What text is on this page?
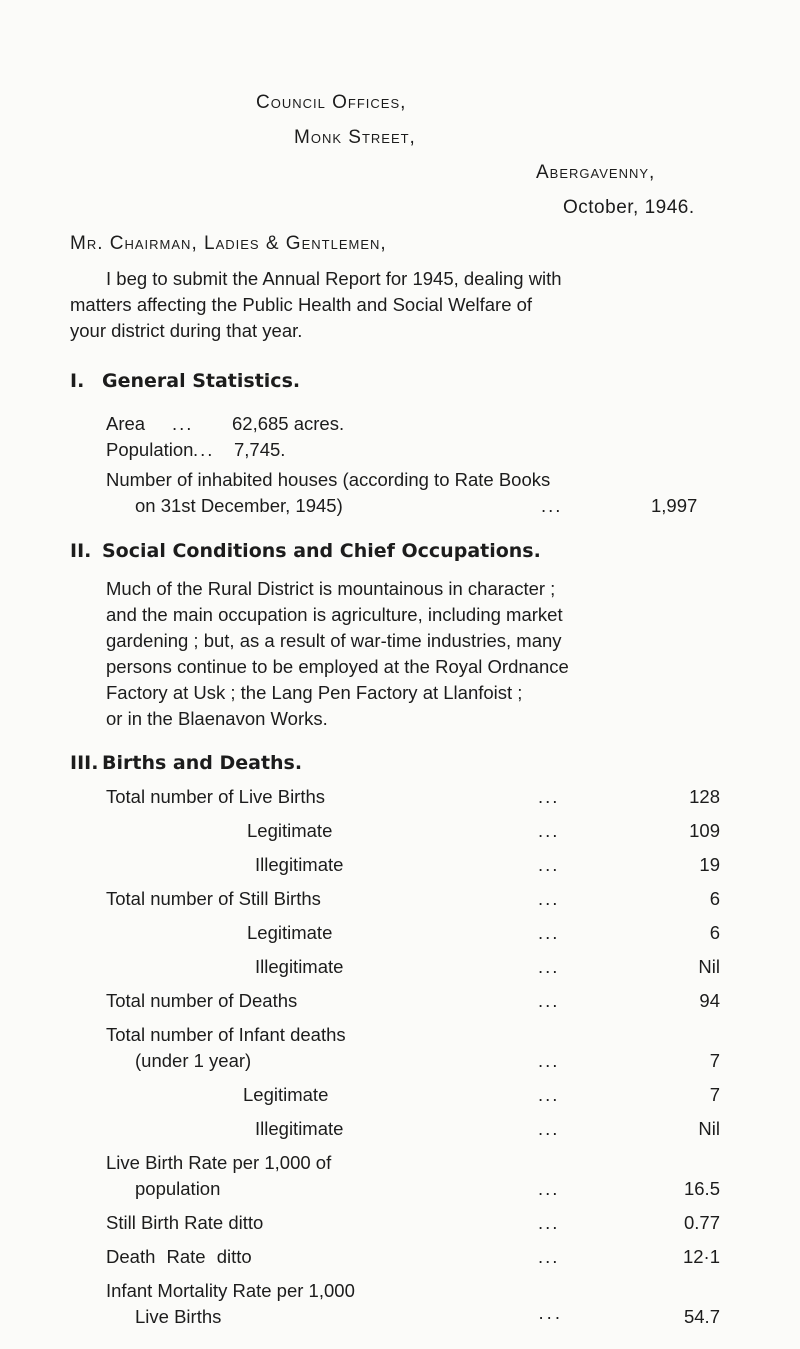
Council Offices,
Monk Street,
Abergavenny,
October, 1946.
Mr. Chairman, Ladies & Gentlemen,
I beg to submit the Annual Report for 1945, dealing with
matters affecting the Public Health and Social Welfare of
your district during that year.
I. General Statistics.
Area ... 62,685 acres.
Population ... 7,745.
Number of inhabited houses (according to Rate Books
on 31st December, 1945)	...	1,997
II. Social Conditions and Chief Occupations.
Much of the Rural District is mountainous in character ;
and the main occupation is agriculture, including market
gardening ; but, as a result of war-time industries, many
persons continue to be employed at the Royal Ordnance
Factory at Usk ; the Lang Pen Factory at Llanfoist ;
or in the Blaenavon Works.
III. Births and Deaths.
Total number of Live Births	...	128
Legitimate	...	109
Illegitimate	...	19
Total number of Still Births	...	6
Legitimate	...	6
Illegitimate	...	Nil
Total number of Deaths	...	94
Total number of Infant deaths
(under 1 year)	...	7
Legitimate	...	7
Illegitimate	...	Nil
Live Birth Rate per 1,000 of
population	...	16.5
Still Birth Rate ditto	...	0.77
Death Rate ditto	...	12·1
Infant Mortality Rate per 1,000
Live Births	···	54.7
